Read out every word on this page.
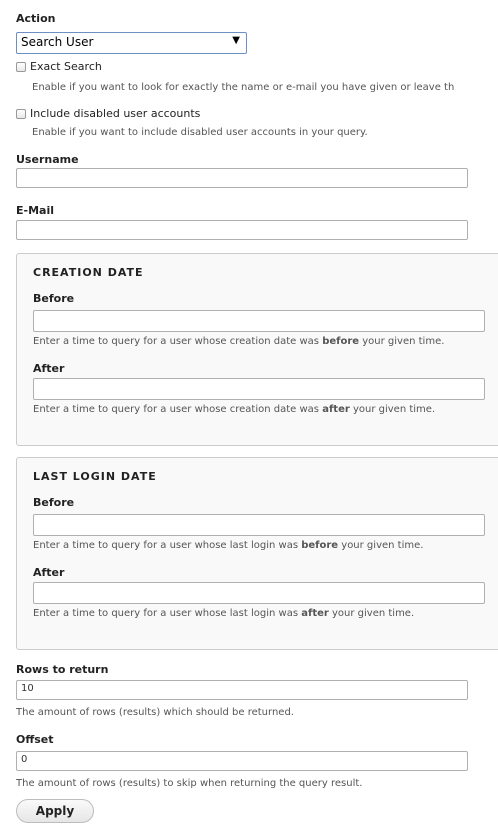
Action
Search User	▼
Exact Search
Enable if you want to look for exactly the name or e-mail you have given or leave th
Include disabled user accounts
Enable if you want to include disabled user accounts in your query.
Username
E-Mail
CREATION DATE
Before
Enter a time to query for a user whose creation date was before your given time.
After
Enter a time to query for a user whose creation date was after your given time.
LAST LOGIN DATE
Before
Enter a time to query for a user whose last login was before your given time.
After
Enter a time to query for a user whose last login was after your given time.
Rows to return
10
The amount of rows (results) which should be returned.
Offset
0
The amount of rows (results) to skip when returning the query result.
Apply
